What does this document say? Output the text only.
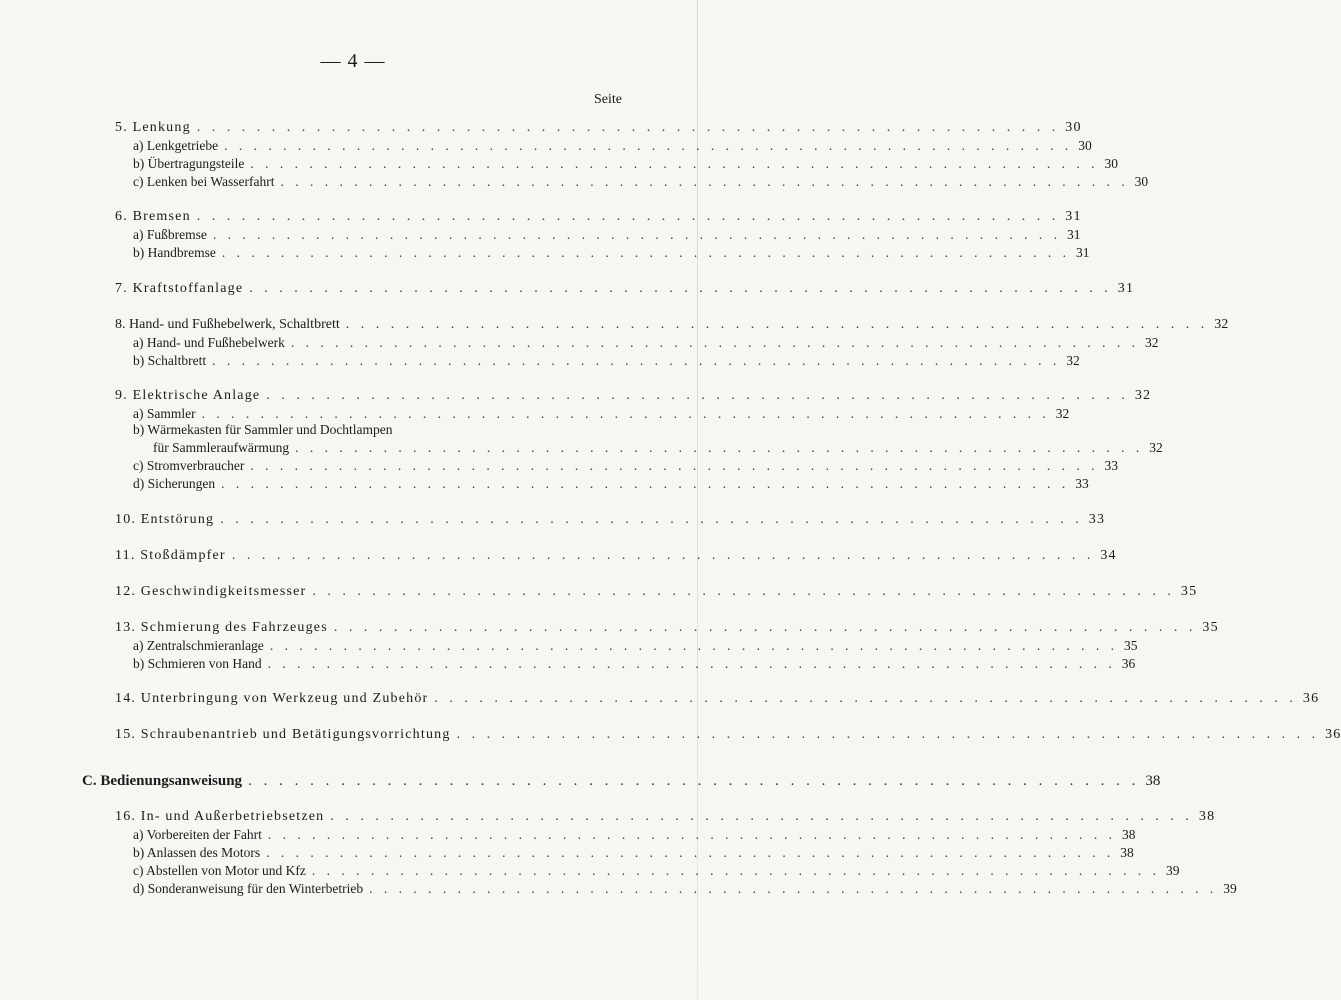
— 4 —
Seite
5. Lenkung . . . . . . . . . . . . . . . . . . . . . . . . . . . . . . . . . . . . . . . . . . . . . . . . . . . . . . . . . . 30
a) Lenkgetriebe . . . . . . . . . . . . . . . . . . . . . . . . . . . . . . . . . . . . . . . . . . . . . . . . . . . . . . . . . . 30
b) Übertragungsteile . . . . . . . . . . . . . . . . . . . . . . . . . . . . . . . . . . . . . . . . . . . . . . . . . . . . . . . . . . 30
c) Lenken bei Wasserfahrt . . . . . . . . . . . . . . . . . . . . . . . . . . . . . . . . . . . . . . . . . . . . . . . . . . . . . . . . . . 30
6. Bremsen . . . . . . . . . . . . . . . . . . . . . . . . . . . . . . . . . . . . . . . . . . . . . . . . . . . . . . . . . . 31
a) Fußbremse . . . . . . . . . . . . . . . . . . . . . . . . . . . . . . . . . . . . . . . . . . . . . . . . . . . . . . . . . . 31
b) Handbremse . . . . . . . . . . . . . . . . . . . . . . . . . . . . . . . . . . . . . . . . . . . . . . . . . . . . . . . . . . 31
7. Kraftstoffanlage . . . . . . . . . . . . . . . . . . . . . . . . . . . . . . . . . . . . . . . . . . . . . . . . . . . . . . . . . . 31
8. Hand- und Fußhebelwerk, Schaltbrett . . . . . . . . . . . . . . . . . . . . . . . . . . . . . . . . . . . . . . . . . . . . . . . . . . . . . . . . . . 32
a) Hand- und Fußhebelwerk . . . . . . . . . . . . . . . . . . . . . . . . . . . . . . . . . . . . . . . . . . . . . . . . . . . . . . . . . . 32
b) Schaltbrett . . . . . . . . . . . . . . . . . . . . . . . . . . . . . . . . . . . . . . . . . . . . . . . . . . . . . . . . . . 32
9. Elektrische Anlage . . . . . . . . . . . . . . . . . . . . . . . . . . . . . . . . . . . . . . . . . . . . . . . . . . . . . . . . . . 32
a) Sammler . . . . . . . . . . . . . . . . . . . . . . . . . . . . . . . . . . . . . . . . . . . . . . . . . . . . . . . . . . 32
b) Wärmekasten für Sammler und Dochtlampen
für Sammleraufwärmung . . . . . . . . . . . . . . . . . . . . . . . . . . . . . . . . . . . . . . . . . . . . . . . . . . . . . . . . . . 32
c) Stromverbraucher . . . . . . . . . . . . . . . . . . . . . . . . . . . . . . . . . . . . . . . . . . . . . . . . . . . . . . . . . . 33
d) Sicherungen . . . . . . . . . . . . . . . . . . . . . . . . . . . . . . . . . . . . . . . . . . . . . . . . . . . . . . . . . . 33
10. Entstörung . . . . . . . . . . . . . . . . . . . . . . . . . . . . . . . . . . . . . . . . . . . . . . . . . . . . . . . . . . 33
11. Stoßdämpfer . . . . . . . . . . . . . . . . . . . . . . . . . . . . . . . . . . . . . . . . . . . . . . . . . . . . . . . . . . 34
12. Geschwindigkeitsmesser . . . . . . . . . . . . . . . . . . . . . . . . . . . . . . . . . . . . . . . . . . . . . . . . . . . . . . . . . . 35
13. Schmierung des Fahrzeuges . . . . . . . . . . . . . . . . . . . . . . . . . . . . . . . . . . . . . . . . . . . . . . . . . . . . . . . . . . 35
a) Zentralschmieranlage . . . . . . . . . . . . . . . . . . . . . . . . . . . . . . . . . . . . . . . . . . . . . . . . . . . . . . . . . . 35
b) Schmieren von Hand . . . . . . . . . . . . . . . . . . . . . . . . . . . . . . . . . . . . . . . . . . . . . . . . . . . . . . . . . . 36
14. Unterbringung von Werkzeug und Zubehör . . . . . . . . . . . . . . . . . . . . . . . . . . . . . . . . . . . . . . . . . . . . . . . . . . . . . . . . . . 36
15. Schraubenantrieb und Betätigungsvorrichtung . . . . . . . . . . . . . . . . . . . . . . . . . . . . . . . . . . . . . . . . . . . . . . . . . . . . . . . . . . 36
C. Bedienungsanweisung . . . . . . . . . . . . . . . . . . . . . . . . . . . . . . . . . . . . . . . . . . . . . . . . . . . . . . . . . . 38
16. In- und Außerbetriebsetzen . . . . . . . . . . . . . . . . . . . . . . . . . . . . . . . . . . . . . . . . . . . . . . . . . . . . . . . . . . 38
a) Vorbereiten der Fahrt . . . . . . . . . . . . . . . . . . . . . . . . . . . . . . . . . . . . . . . . . . . . . . . . . . . . . . . . . . 38
b) Anlassen des Motors . . . . . . . . . . . . . . . . . . . . . . . . . . . . . . . . . . . . . . . . . . . . . . . . . . . . . . . . . . 38
c) Abstellen von Motor und Kfz . . . . . . . . . . . . . . . . . . . . . . . . . . . . . . . . . . . . . . . . . . . . . . . . . . . . . . . . . . 39
d) Sonderanweisung für den Winterbetrieb . . . . . . . . . . . . . . . . . . . . . . . . . . . . . . . . . . . . . . . . . . . . . . . . . . . . . . . . . . 39
